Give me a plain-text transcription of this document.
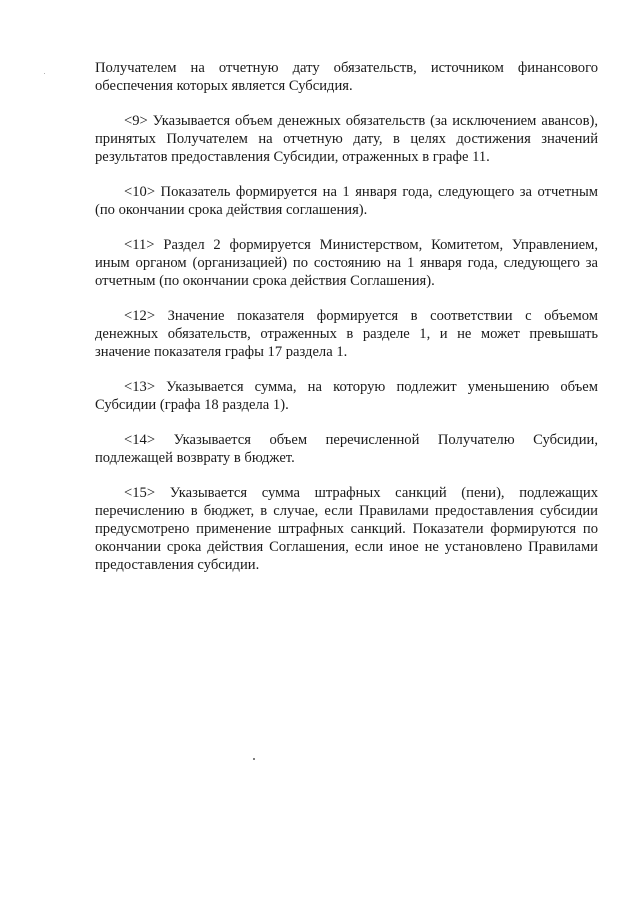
Получателем на отчетную дату обязательств, источником финансового обеспечения которых является Субсидия.

<9> Указывается объем денежных обязательств (за исключением авансов), принятых Получателем на отчетную дату, в целях достижения значений результатов предоставления Субсидии, отраженных в графе 11.

<10> Показатель формируется на 1 января года, следующего за отчетным (по окончании срока действия соглашения).

<11> Раздел 2 формируется Министерством, Комитетом, Управлением, иным органом (организацией) по состоянию на 1 января года, следующего за отчетным (по окончании срока действия Соглашения).

<12> Значение показателя формируется в соответствии с объемом денежных обязательств, отраженных в разделе 1, и не может превышать значение показателя графы 17 раздела 1.

<13> Указывается сумма, на которую подлежит уменьшению объем Субсидии (графа 18 раздела 1).

<14> Указывается объем перечисленной Получателю Субсидии, подлежащей возврату в бюджет.

<15> Указывается сумма штрафных санкций (пени), подлежащих перечислению в бюджет, в случае, если Правилами предоставления субсидии предусмотрено применение штрафных санкций. Показатели формируются по окончании срока действия Соглашения, если иное не установлено Правилами предоставления субсидии.
